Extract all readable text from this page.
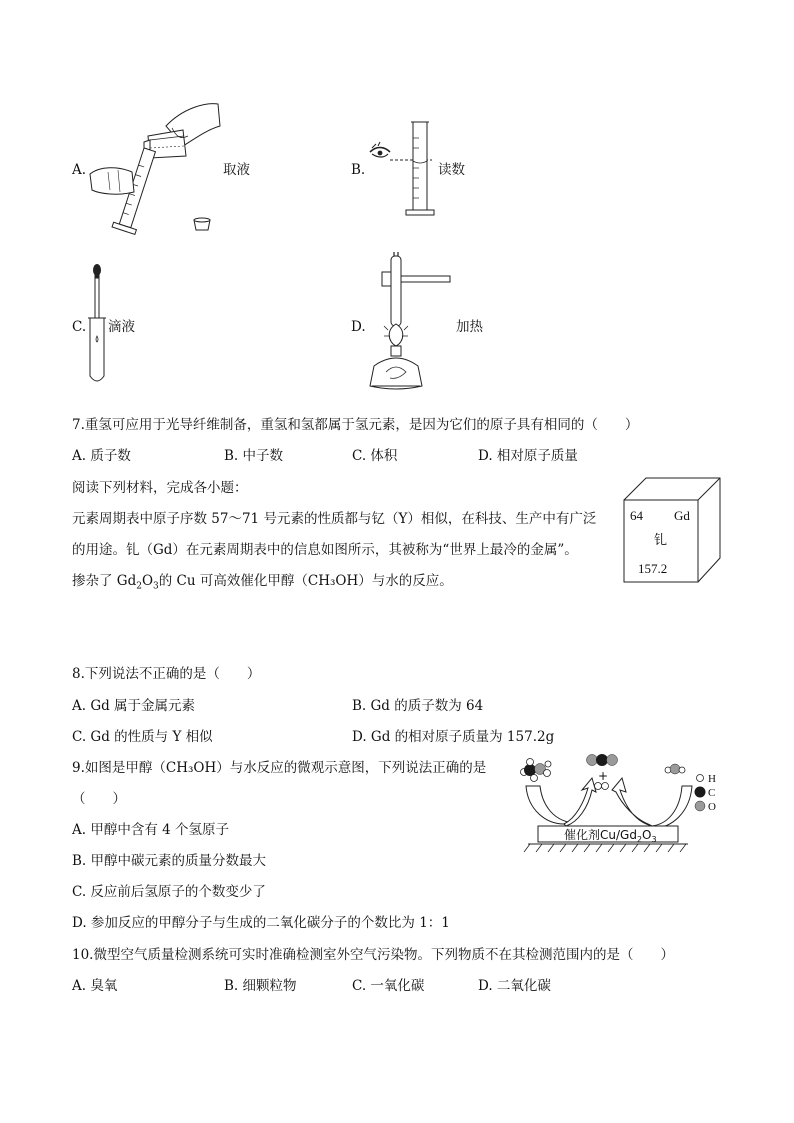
A.	取液	B.	读数
C. 滴液	D.	加热
7.重氢可应用于光导纤维制备，重氢和氢都属于氢元素，是因为它们的原子具有相同的（　　）
A. 质子数	B. 中子数	C. 体积	D. 相对原子质量
阅读下列材料，完成各小题：
元素周期表中原子序数 57～71 号元素的性质都与钇（Y）相似，在科技、生产中有广泛
的用途。钆（Gd）在元素周期表中的信息如图所示，其被称为“世界上最冷的金属”。
掺杂了 $Gd_2O_3$的 Cu 可高效催化甲醇（CH₃OH）与水的反应。
64 Gd
钆
157.2
8.下列说法不正确的是（　　）
A. Gd 属于金属元素	B. Gd 的质子数为 64
C. Gd 的性质与 Y 相似	D. Gd 的相对原子质量为 157.2g
9.如图是甲醇（CH₃OH）与水反应的微观示意图，下列说法正确的是
（　　）
A. 甲醇中含有 4 个氢原子
B. 甲醇中碳元素的质量分数最大
C. 反应前后氢原子的个数变少了
D. 参加反应的甲醇分子与生成的二氧化碳分子的个数比为 1：1
+
催化剂$Cu/Gd_2O_3$
H
C
O
10.微型空气质量检测系统可实时准确检测室外空气污染物。下列物质不在其检测范围内的是（　　）
A. 臭氧	B. 细颗粒物	C. 一氧化碳	D. 二氧化碳
